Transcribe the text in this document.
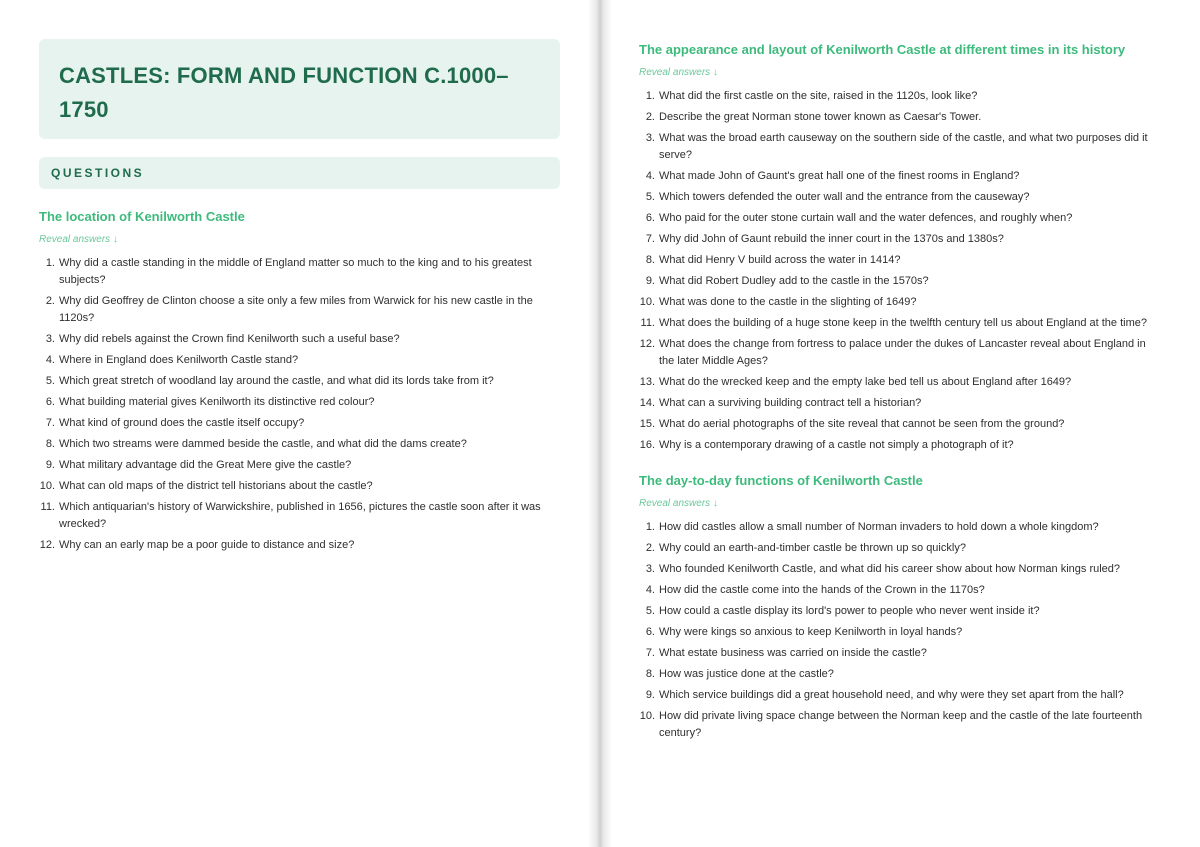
CASTLES: FORM AND FUNCTION C.1000–
1750
QUESTIONS
The location of Kenilworth Castle
Reveal answers ↓
1. Why did a castle standing in the middle of England matter so much to the king and to his greatest subjects?
2. Why did Geoffrey de Clinton choose a site only a few miles from Warwick for his new castle in the 1120s?
3. Why did rebels against the Crown find Kenilworth such a useful base?
4. Where in England does Kenilworth Castle stand?
5. Which great stretch of woodland lay around the castle, and what did its lords take from it?
6. What building material gives Kenilworth its distinctive red colour?
7. What kind of ground does the castle itself occupy?
8. Which two streams were dammed beside the castle, and what did the dams create?
9. What military advantage did the Great Mere give the castle?
10. What can old maps of the district tell historians about the castle?
11. Which antiquarian's history of Warwickshire, published in 1656, pictures the castle soon after it was wrecked?
12. Why can an early map be a poor guide to distance and size?
The appearance and layout of Kenilworth Castle at different times in its history
Reveal answers ↓
1. What did the first castle on the site, raised in the 1120s, look like?
2. Describe the great Norman stone tower known as Caesar's Tower.
3. What was the broad earth causeway on the southern side of the castle, and what two purposes did it serve?
4. What made John of Gaunt's great hall one of the finest rooms in England?
5. Which towers defended the outer wall and the entrance from the causeway?
6. Who paid for the outer stone curtain wall and the water defences, and roughly when?
7. Why did John of Gaunt rebuild the inner court in the 1370s and 1380s?
8. What did Henry V build across the water in 1414?
9. What did Robert Dudley add to the castle in the 1570s?
10. What was done to the castle in the slighting of 1649?
11. What does the building of a huge stone keep in the twelfth century tell us about England at the time?
12. What does the change from fortress to palace under the dukes of Lancaster reveal about England in the later Middle Ages?
13. What do the wrecked keep and the empty lake bed tell us about England after 1649?
14. What can a surviving building contract tell a historian?
15. What do aerial photographs of the site reveal that cannot be seen from the ground?
16. Why is a contemporary drawing of a castle not simply a photograph of it?
The day-to-day functions of Kenilworth Castle
Reveal answers ↓
1. How did castles allow a small number of Norman invaders to hold down a whole kingdom?
2. Why could an earth-and-timber castle be thrown up so quickly?
3. Who founded Kenilworth Castle, and what did his career show about how Norman kings ruled?
4. How did the castle come into the hands of the Crown in the 1170s?
5. How could a castle display its lord's power to people who never went inside it?
6. Why were kings so anxious to keep Kenilworth in loyal hands?
7. What estate business was carried on inside the castle?
8. How was justice done at the castle?
9. Which service buildings did a great household need, and why were they set apart from the hall?
10. How did private living space change between the Norman keep and the castle of the late fourteenth century?
